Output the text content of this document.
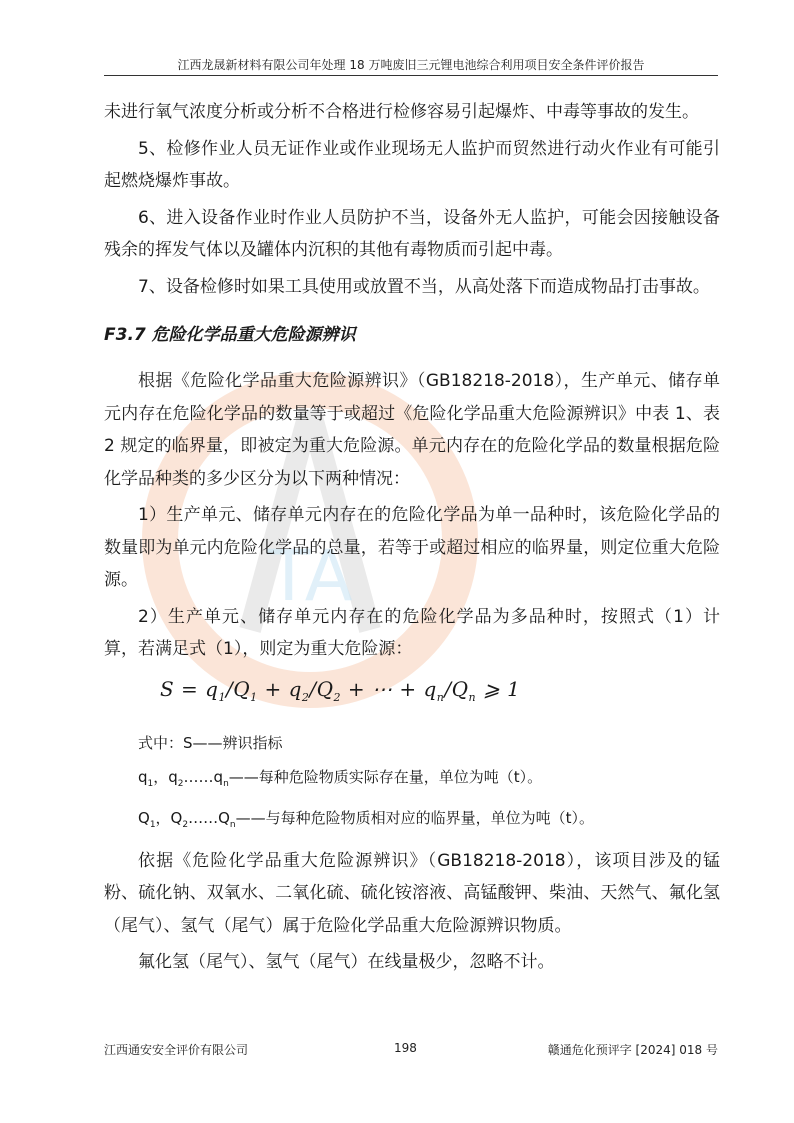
江西龙晟新材料有限公司年处理 18 万吨废旧三元锂电池综合利用项目安全条件评价报告
TA

未进行氧气浓度分析或分析不合格进行检修容易引起爆炸、中毒等事故的发生。

5、检修作业人员无证作业或作业现场无人监护而贸然进行动火作业有可能引起燃烧爆炸事故。

6、进入设备作业时作业人员防护不当，设备外无人监护，可能会因接触设备残余的挥发气体以及罐体内沉积的其他有毒物质而引起中毒。

7、设备检修时如果工具使用或放置不当，从高处落下而造成物品打击事故。

F3.7 危险化学品重大危险源辨识

根据《危险化学品重大危险源辨识》（GB18218-2018），生产单元、储存单元内存在危险化学品的数量等于或超过《危险化学品重大危险源辨识》中表 1、表 2 规定的临界量，即被定为重大危险源。单元内存在的危险化学品的数量根据危险化学品种类的多少区分为以下两种情况：

1）生产单元、储存单元内存在的危险化学品为单一品种时，该危险化学品的数量即为单元内危险化学品的总量，若等于或超过相应的临界量，则定位重大危险源。

2）生产单元、储存单元内存在的危险化学品为多品种时，按照式（1）计算，若满足式（1），则定为重大危险源：

$S = q_1/Q_1 + q_2/Q_2$ + ⋯ + $q_n/Q_n$ ⩾ 1
式中：S——辨识指标
$q_1$，$q_2\dots\dots q_n——$每种危险物质实际存在量，单位为吨（t）。
$Q_1$，$Q_2\dots\dots Q_n——$与每种危险物质相对应的临界量，单位为吨（t）。

依据《危险化学品重大危险源辨识》（GB18218-2018），该项目涉及的锰粉、硫化钠、双氧水、二氧化硫、硫化铵溶液、高锰酸钾、柴油、天然气、氟化氢（尾气）、氢气（尾气）属于危险化学品重大危险源辨识物质。

氟化氢（尾气）、氢气（尾气）在线量极少，忽略不计。

江西通安安全评价有限公司	198	赣通危化预评字 [2024] 018 号
